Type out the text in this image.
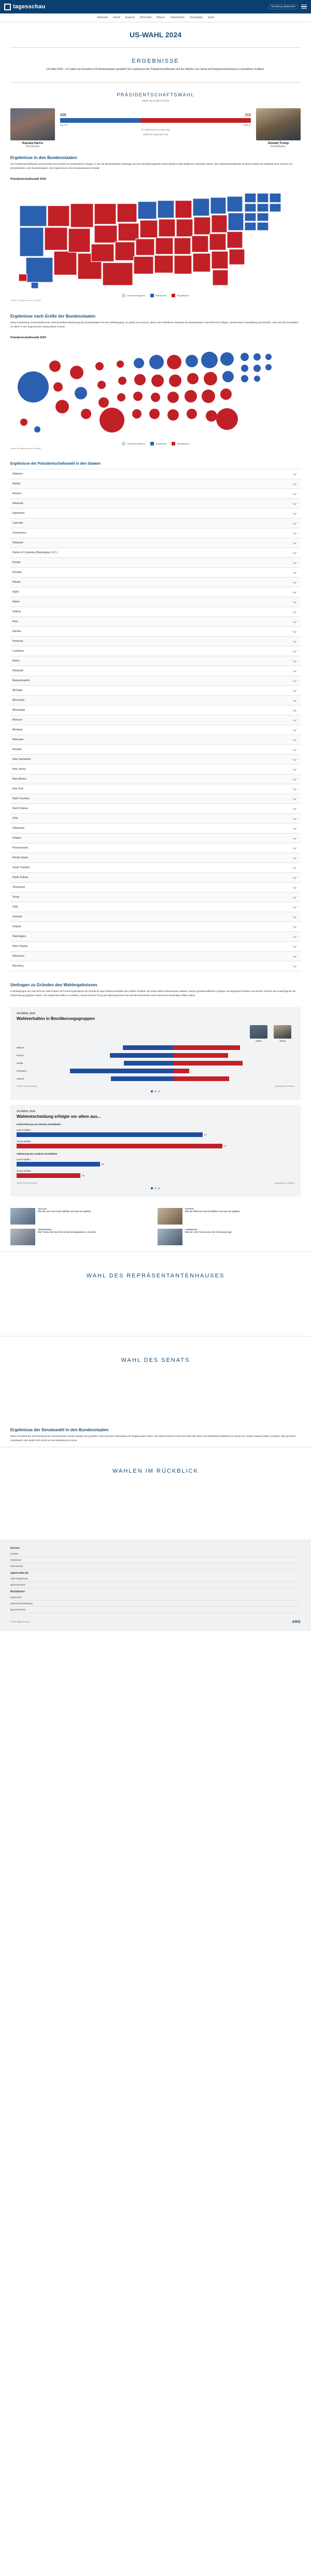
tagesschau	Sendung abspielen
Startseite Inland Ausland Wirtschaft Wissen Faktenfinder Investigativ Sport
US-WAHL 2024
ERGEBNISSE
US-Wahl 2024 – Zu haben die Einzelnen US-Bundesstaaten gewählt? Der Ergebnisse der Präsidentschaftswahl und der Wahlen zum Senat und Repräsentantenhaus in interaktiven Grafiken.
PRÄSIDENTSCHAFTSWAHL
Stand: 20.12.2024, 08 Uhr
Kamala Harris
Demokraten
226	312
48,3 %	49,9 %
270 Wahlleute zum Sieg nötig
Wahlleute insgesamt: 538
Donald Trump
Republikaner
Ergebnisse in den Bundesstaaten
Der Präsidentschaftswahl unterscheidet sich deutlich an Deutschland Colleges, in der die Bundesstaaten abhängig von ihrer Bevölkerungszahl unterschiedlich viele Wahlleute entsenden dürfen. Die Präsidentschaftswahl ist damit letztlich die Ergebnis einer Summe von Einzelwahlen in den Bundesstaaten. Die Ergebnisse in den Bundesstaaten im Detail:
Präsidentschaftswahl 2024
Noch kein Ergebnis	Demokraten	Republikaner
Quelle: AP/tagesschau.de Grafiken
Ergebnisse nach Größe der Bundesstaaten
Diese Darstellung veranschaulicht die unterschiedliche Bedeutung der Bundesstaaten für den Wahlausgang. Je größer ein Kreis ist, desto mehr Wahlleute entsendet der Bundesstaat in das Electoral College. Anhand dieser Darstellung wird deutlich, dass sich die Kandidaten vor allem in den sogenannten Swing States messen.
Präsidentschaftswahl 2024
Noch kein Ergebnis	Demokraten	Republikaner
Quelle: AP/tagesschau.de Grafiken
Ergebnisse der Präsidentschaftswahl in den Staaten
Alabama
Alaska
Arizona
Arkansas
Kalifornien
Colorado
Connecticut
Delaware
District of Columbia (Washington, D.C.)
Florida
Georgia
Hawaii
Idaho
Illinois
Indiana
Iowa
Kansas
Kentucky
Louisiana
Maine
Maryland
Massachusetts
Michigan
Minnesota
Mississippi
Missouri
Montana
Nebraska
Nevada
New Hampshire
New Jersey
New Mexico
New York
North Carolina
North Dakota
Ohio
Oklahoma
Oregon
Pennsylvania
Rhode Island
South Carolina
South Dakota
Tennessee
Texas
Utah
Vermont
Virginia
Washington
West Virginia
Wisconsin
Wyoming
Umfragen zu Gründen des Wahlergebnisses
In Befragungen am und nach der Wahl haben US-Forschungsinstitute die Gründe für das Abstimmverhalten der Wähler ermittelt. Die Daten liefern Erkenntnisse darüber, welche gesellschaftlichen Gruppen wie abgestimmt haben und welche Themen den Ausschlag für die Entscheidung gegeben haben. Die Ergebnisse helfen zu erklären, warum Donald Trump die Wahl gewonnen hat und die Demokraten eine historische Niederlage erlitten haben.
US-WAHL 2024
Wahlverhalten in Bevölkerungsgruppen
Harris	Trump
Männer
42	55
Frauen
53	45
Weiße
41	57
Schwarze
86	13
Latinos
52	46
Quelle: Edison Research	tagesschau.de Grafiken
US-WAHL 2024
Wahlentscheidung erfolgte vor allem aus...
Unterstützung von meinem Kandidaten
Harris-Wähler
67
Trump-Wähler
74
Ablehnung des anderen Kandidaten
Harris-Wähler
30
Trump-Wähler
23
Quelle: Edison Research	tagesschau.de Grafiken
ANALYSE
Wie die USA auf Trump Wählen und was sie spaltete
PORTRÄT
Wie die Wahl von Harris Wählern und was sie spaltete
HINTERGRUND
Wie Trump sich nach für ein Beziehungsweise in Amerika
KOMMENTAR
Was die USA Trump unter der Ahnenung zeigt
WAHL DES REPRÄSENTANTENHAUSES
WAHL DES SENATS
Ergebnisse der Senatswahl in den Bundesstaaten
Diese ein Drittel der 100 Senatorinnen und Senatoren werden jeweils neu gewählt. Hinzu kommen Nachwahlen für freigewordene Sitze. Die Wahl bestimmt somit nicht über alle Sitze und Mehrheitsverhältnisse im Senat neu. Einige Staaten haben in diesem Jahr gar keine Senatswahl, dort ändert sich nichts an der Besetzung im Senat.
WAHLEN IM RÜCKBLICK
Service
Kontakt
Impressum
Datenschutz
tagesschau.de
ARD-Programme
Barrierefreiheit
Rechtliches
Impressum
Datenschutzerklärung
Barrierefreiheit
© ARD tagesschau.de	ARD
